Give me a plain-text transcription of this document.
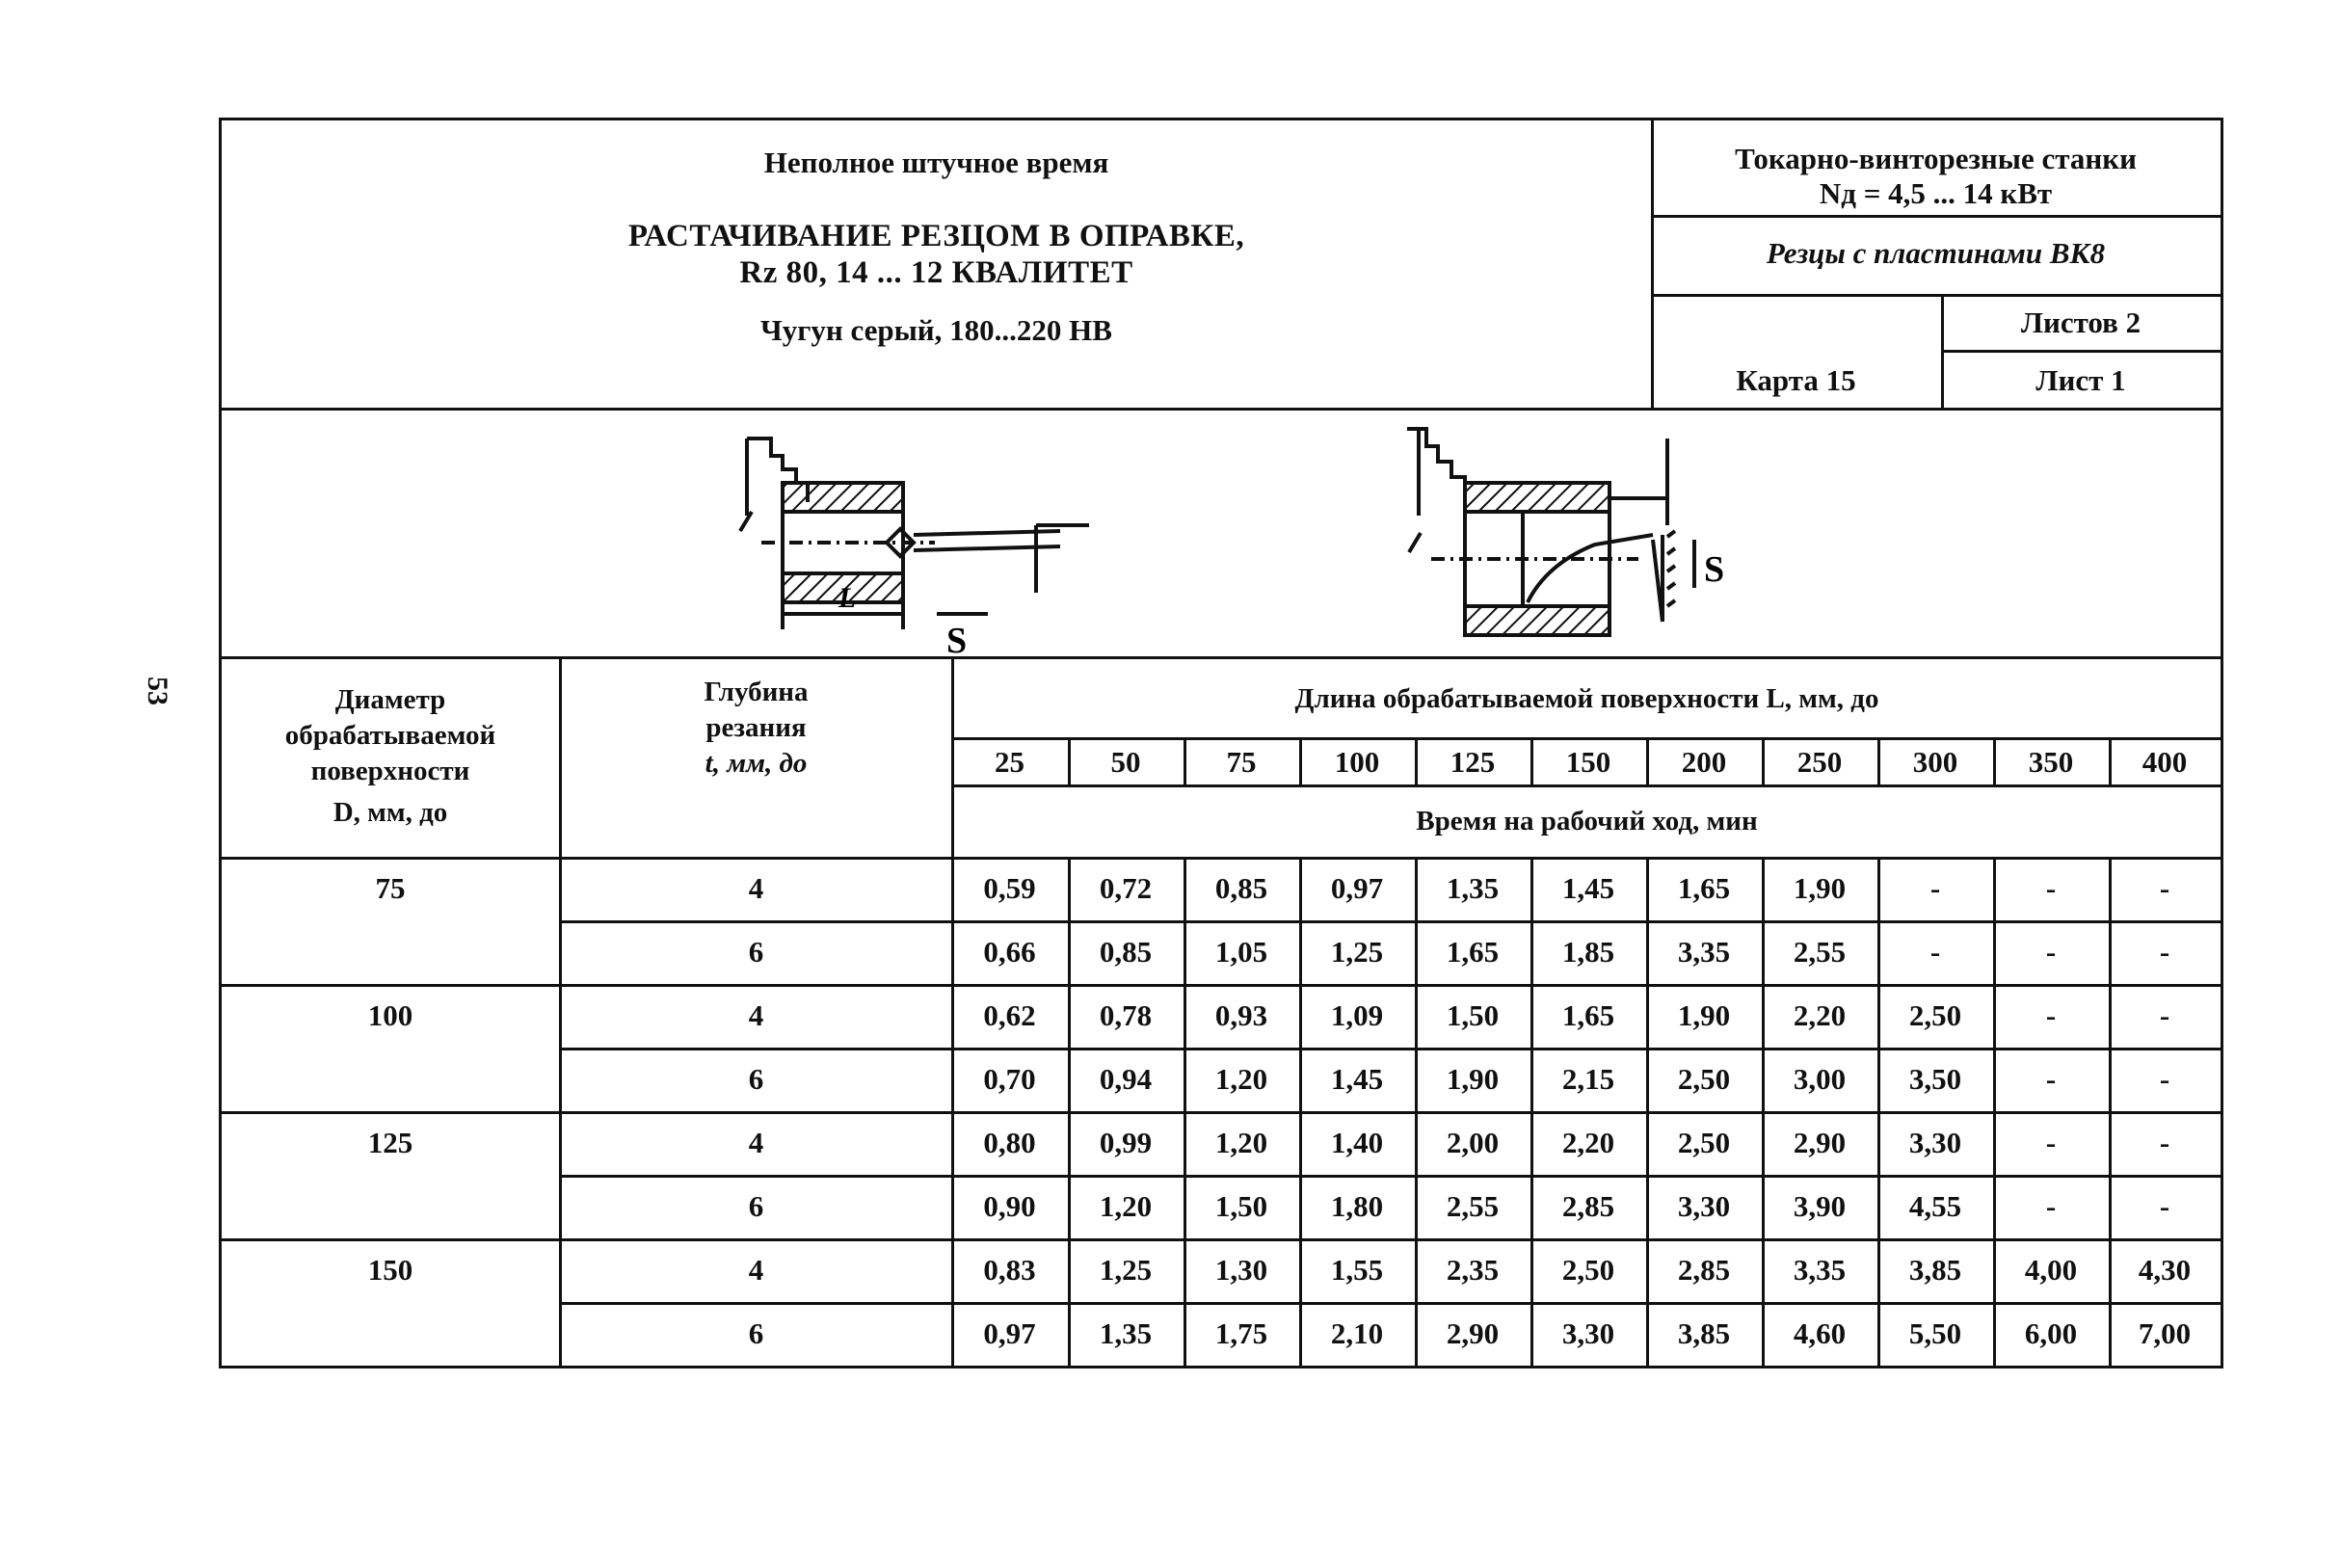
53
Неполное штучное время
РАСТАЧИВАНИЕ РЕЗЦОМ В ОПРАВКЕ,
Rz 80, 14 ... 12 КВАЛИТЕТ
Чугун серый, 180...220 НВ
Токарно-винторезные станки
Nд = 4,5 ... 14 кВт
Резцы с пластинами ВК8
Карта 15
Листов 2
Лист 1
S
L
S
Диаметр
обрабатываемой
поверхности
D, мм, до
Глубина
резания
t, мм, до
Длина обрабатываемой поверхности L, мм, до
Время на рабочий ход, мин
25	50	75	100	125	150	200	250	300	350	400
75	4	0,59	0,72	0,85	0,97	1,35	1,45	1,65	1,90	-	-	-
6	0,66	0,85	1,05	1,25	1,65	1,85	3,35	2,55	-	-	-
100	4	0,62	0,78	0,93	1,09	1,50	1,65	1,90	2,20	2,50	-	-
6	0,70	0,94	1,20	1,45	1,90	2,15	2,50	3,00	3,50	-	-
125	4	0,80	0,99	1,20	1,40	2,00	2,20	2,50	2,90	3,30	-	-
6	0,90	1,20	1,50	1,80	2,55	2,85	3,30	3,90	4,55	-	-
150	4	0,83	1,25	1,30	1,55	2,35	2,50	2,85	3,35	3,85	4,00	4,30
6	0,97	1,35	1,75	2,10	2,90	3,30	3,85	4,60	5,50	6,00	7,00
